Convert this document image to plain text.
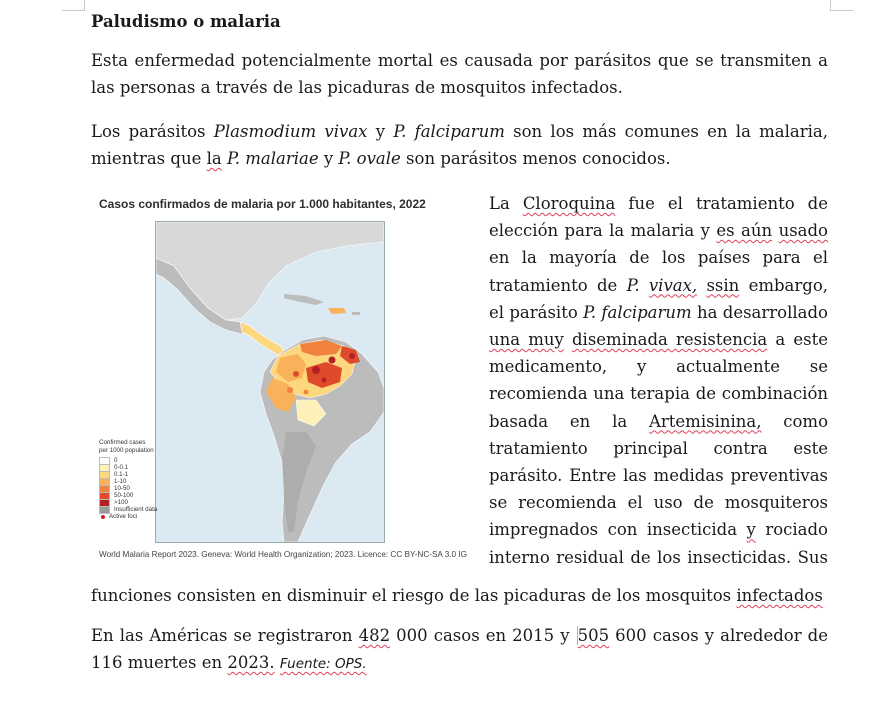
Paludismo o malaria

Esta enfermedad potencialmente mortal es causada por parásitos que se transmiten a las personas a través de las picaduras de mosquitos infectados.

Los parásitos Plasmodium vivax y P. falciparum son los más comunes en la malaria, mientras que la P. malariae y P. ovale son parásitos menos conocidos.

Casos confirmados de malaria por 1.000 habitantes, 2022
Confirmed cases
per 1000 population
0
0-0.1
0.1-1
1-10
10-50
50-100
>100
Insufficient data
Active foci
World Malaria Report 2023. Geneva: World Health Organization; 2023. Licence: CC BY-NC-SA 3.0 IG

La Cloroquina fue el tratamiento de elección para la malaria y es aún usado en la mayoría de los países para el tratamiento de P. vivax, ssin embargo, el parásito P. falciparum ha desarrollado una muy diseminada resistencia a este medicamento, y actualmente se recomienda una terapia de combinación basada en la Artemisinina, como tratamiento principal contra este parásito. Entre las medidas preventivas se recomienda el uso de mosquiteros impregnados con insecticida y rociado interno residual de los insecticidas. Sus

funciones consisten en disminuir el riesgo de las picaduras de los mosquitos infectados

En las Américas se registraron 482 000 casos en 2015 y 505 600 casos y alrededor de 116 muertes en 2023. Fuente: OPS.
